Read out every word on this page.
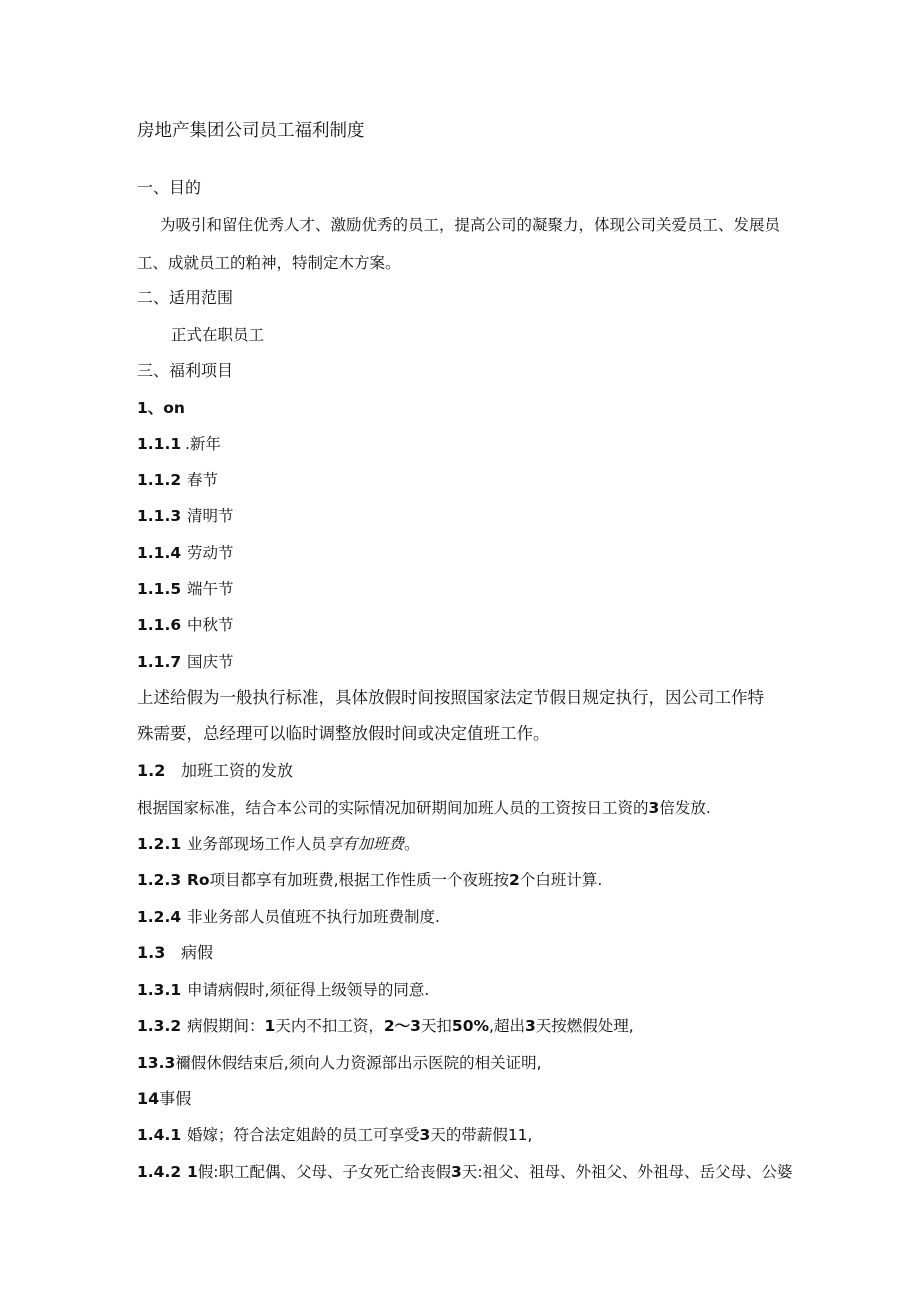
房地产集团公司员工福利制度
一、目的
为吸引和留住优秀人才、激励优秀的员工，提高公司的凝聚力，体现公司关爱员工、发展员
工、成就员工的粕神，特制定木方案。
二、适用范围
正式在职员工
三、福利项目
1、on
1.1.1 .新年
1.1.2 春节
1.1.3 清明节
1.1.4 劳动节
1.1.5 端午节
1.1.6 中秋节
1.1.7 国庆节
上述给假为一般执行标准，具体放假时间按照国家法定节假日规定执行，因公司工作特
殊需要，总经理可以临时调整放假时间或决定值班工作。
1.2 加班工资的发放
根据国家标准，结合本公司的实际情况加研期间加班人员的工资按日工资的3倍发放.
1.2.1 业务部现场工作人员享有加班费。
1.2.3 Ro项目都享有加班费,根据工作性质一个夜班按2个白班计算.
1.2.4 非业务部人员值班不执行加班费制度.
1.3 病假
1.3.1 申请病假时,须征得上级领导的同意.
1.3.2 病假期间：1天内不扣工资，2〜3天扣50%,超出3天按燃假处理,
13.3禰假休假结束后,须向人力资源部出示医院的相关证明,
14事假
1.4.1 婚嫁；符合法定姐龄的员工可享受3天的带薪假11,
1.4.2 1假:职工配偶、父母、子女死亡给丧假3天:祖父、祖母、外祖父、外祖母、岳父母、公婆
